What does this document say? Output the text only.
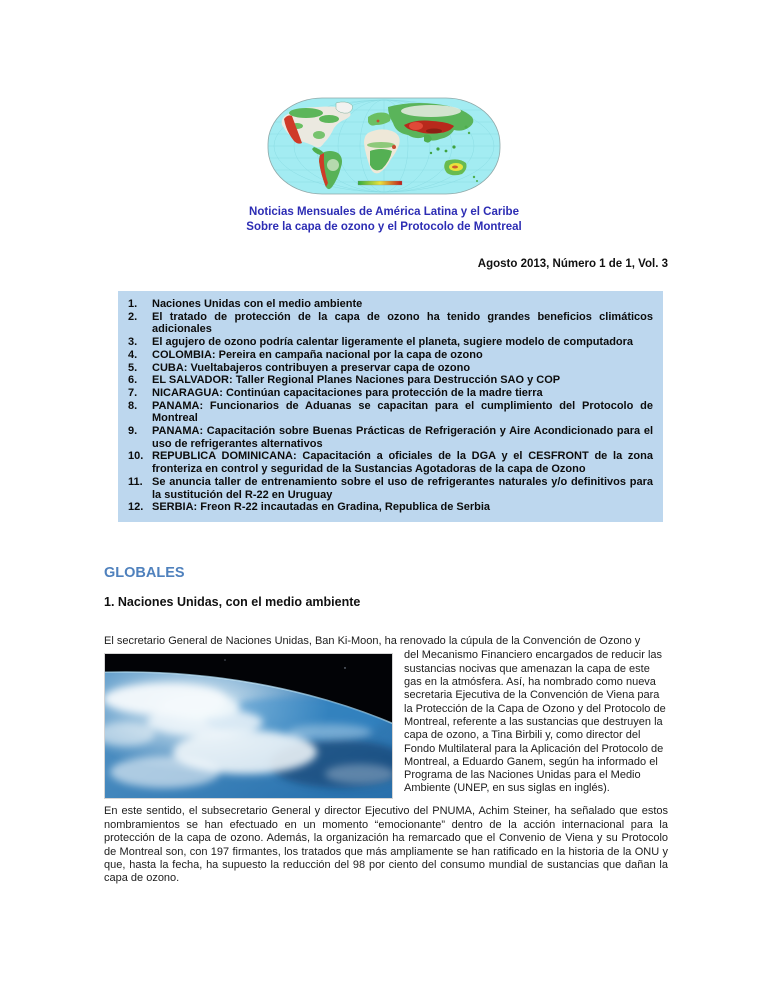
Noticias Mensuales de América Latina y el Caribe
Sobre la capa de ozono y el Protocolo de Montreal
Agosto 2013, Número 1 de 1, Vol. 3
1.	Naciones Unidas con el medio ambiente
2.	El tratado de protección de la capa de ozono ha tenido grandes beneficios climáticos adicionales
3.	El agujero de ozono podría calentar ligeramente el planeta, sugiere modelo de computadora
4.	COLOMBIA: Pereira en campaña nacional por la capa de ozono
5.	CUBA: Vueltabajeros contribuyen a preservar capa de ozono
6.	EL SALVADOR: Taller Regional Planes Naciones para Destrucción SAO y COP
7.	NICARAGUA: Continúan capacitaciones para protección de la madre tierra
8.	PANAMA: Funcionarios de Aduanas se capacitan para el cumplimiento del Protocolo de Montreal
9.	PANAMA: Capacitación sobre Buenas Prácticas de Refrigeración y Aire Acondicionado para el uso de refrigerantes alternativos
10. REPUBLICA DOMINICANA: Capacitación a oficiales de la DGA y el CESFRONT de la zona fronteriza en control y seguridad de la Sustancias Agotadoras de la capa de Ozono
11. Se anuncia taller de entrenamiento sobre el uso de refrigerantes naturales y/o definitivos para la sustitución del R-22 en Uruguay
12. SERBIA: Freon R-22 incautadas en Gradina, Republica de Serbia
GLOBALES
1. Naciones Unidas, con el medio ambiente

El secretario General de Naciones Unidas, Ban Ki-Moon, ha renovado la cúpula de la Convención de Ozono y

del Mecanismo Financiero encargados de reducir las sustancias nocivas que amenazan la capa de este gas en la atmósfera. Así, ha nombrado como nueva secretaria Ejecutiva de la Convención de Viena para la Protección de la Capa de Ozono y del Protocolo de Montreal, referente a las sustancias que destruyen la capa de ozono, a Tina Birbili y, como director del Fondo Multilateral para la Aplicación del Protocolo de Montreal, a Eduardo Ganem, según ha informado el Programa de las Naciones Unidas para el Medio Ambiente (UNEP, en sus siglas en inglés).

En este sentido, el subsecretario General y director Ejecutivo del PNUMA, Achim Steiner, ha señalado que estos nombramientos se han efectuado en un momento “emocionante” dentro de la acción internacional para la protección de la capa de ozono. Además, la organización ha remarcado que el Convenio de Viena y su Protocolo de Montreal son, con 197 firmantes, los tratados que más ampliamente se han ratificado en la historia de la ONU y que, hasta la fecha, ha supuesto la reducción del 98 por ciento del consumo mundial de sustancias que dañan la capa de ozono.
